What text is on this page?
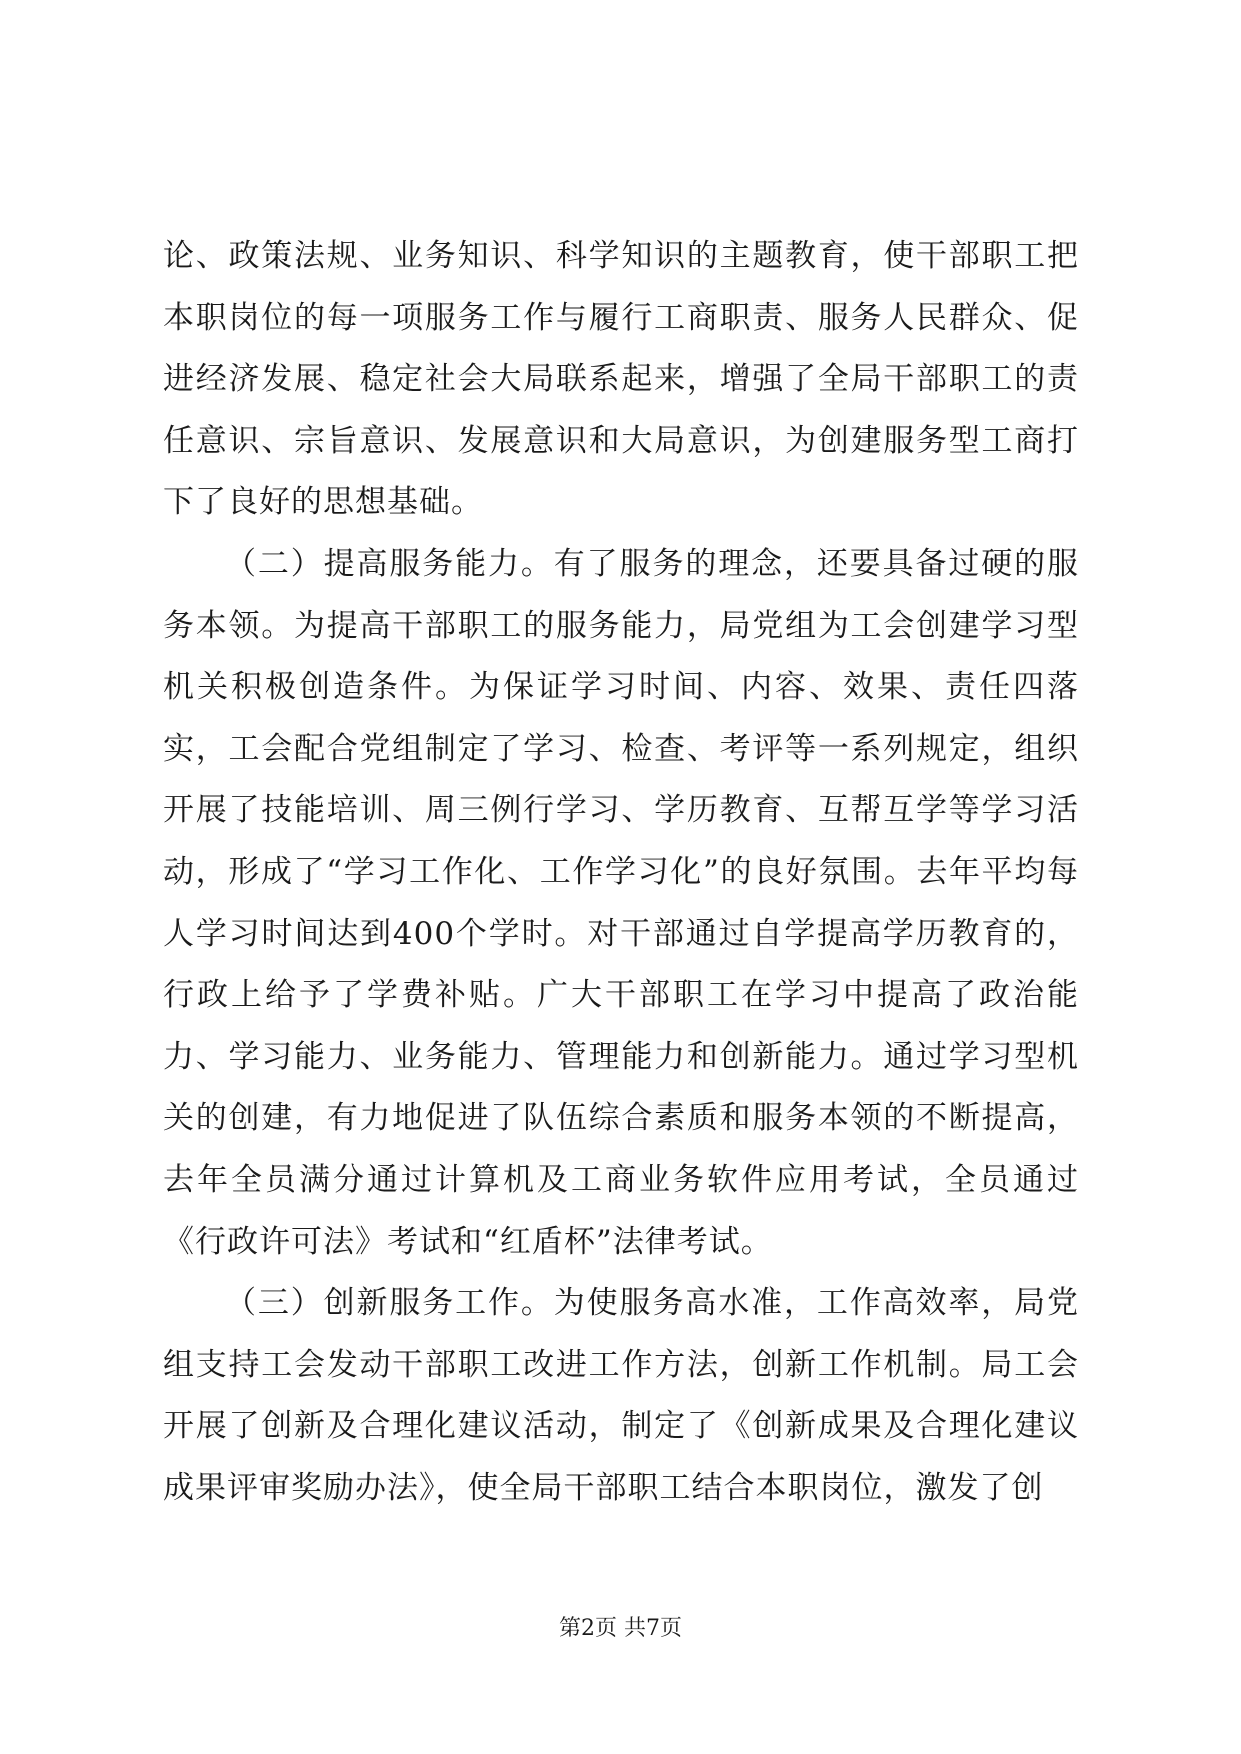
论、政策法规、业务知识、科学知识的主题教育，使干部职工把本职岗位的每一项服务工作与履行工商职责、服务人民群众、促进经济发展、稳定社会大局联系起来，增强了全局干部职工的责任意识、宗旨意识、发展意识和大局意识，为创建服务型工商打下了良好的思想基础。

（二）提高服务能力。有了服务的理念，还要具备过硬的服务本领。为提高干部职工的服务能力，局党组为工会创建学习型机关积极创造条件。为保证学习时间、内容、效果、责任四落实，工会配合党组制定了学习、检查、考评等一系列规定，组织开展了技能培训、周三例行学习、学历教育、互帮互学等学习活动，形成了“学习工作化、工作学习化”的良好氛围。去年平均每人学习时间达到400个学时。对干部通过自学提高学历教育的，行政上给予了学费补贴。广大干部职工在学习中提高了政治能力、学习能力、业务能力、管理能力和创新能力。通过学习型机关的创建，有力地促进了队伍综合素质和服务本领的不断提高，去年全员满分通过计算机及工商业务软件应用考试，全员通过《行政许可法》考试和“红盾杯”法律考试。

（三）创新服务工作。为使服务高水准，工作高效率，局党组支持工会发动干部职工改进工作方法，创新工作机制。局工会开展了创新及合理化建议活动，制定了《创新成果及合理化建议成果评审奖励办法》，使全局干部职工结合本职岗位，激发了创

第2页 共7页
